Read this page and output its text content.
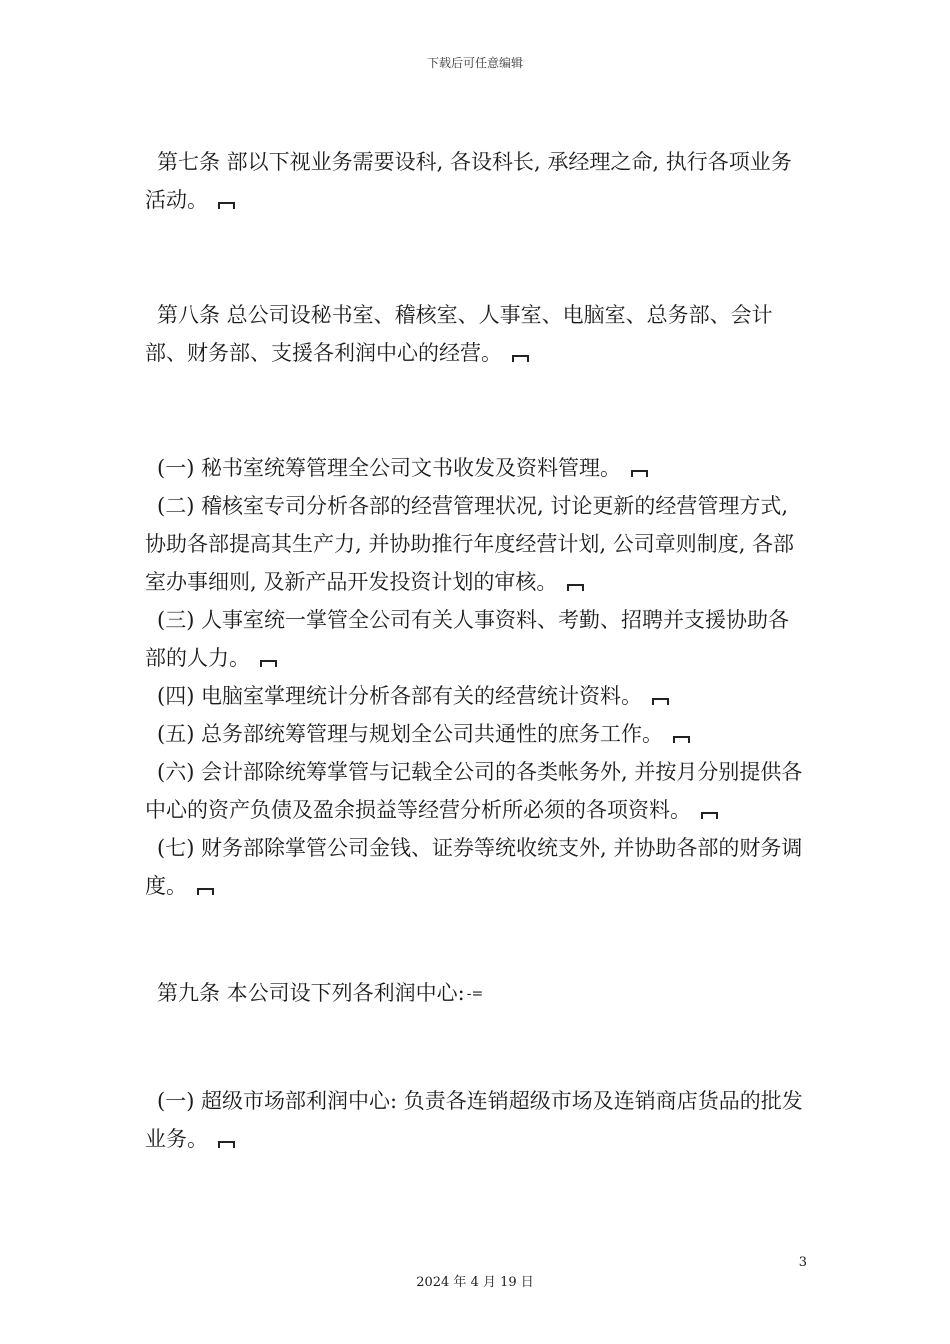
下载后可任意编辑

第七条 部以下视业务需要设科, 各设科长, 承经理之命, 执行各项业务活动。

第八条 总公司设秘书室、稽核室、人事室、电脑室、总务部、会计部、财务部、支援各利润中心的经营。

(一) 秘书室统筹管理全公司文书收发及资料管理。

(二) 稽核室专司分析各部的经营管理状况, 讨论更新的经营管理方式, 协助各部提高其生产力, 并协助推行年度经营计划, 公司章则制度, 各部室办事细则, 及新产品开发投资计划的审核。

(三) 人事室统一掌管全公司有关人事资料、考勤、招聘并支援协助各部的人力。

(四) 电脑室掌理统计分析各部有关的经营统计资料。

(五) 总务部统筹管理与规划全公司共通性的庶务工作。

(六) 会计部除统筹掌管与记载全公司的各类帐务外, 并按月分别提供各中心的资产负债及盈余损益等经营分析所必须的各项资料。

(七) 财务部除掌管公司金钱、证券等统收统支外, 并协助各部的财务调度。

第九条 本公司设下列各利润中心: -=

(一) 超级市场部利润中心: 负责各连销超级市场及连销商店货品的批发业务。

3
2024 年 4 月 19 日
